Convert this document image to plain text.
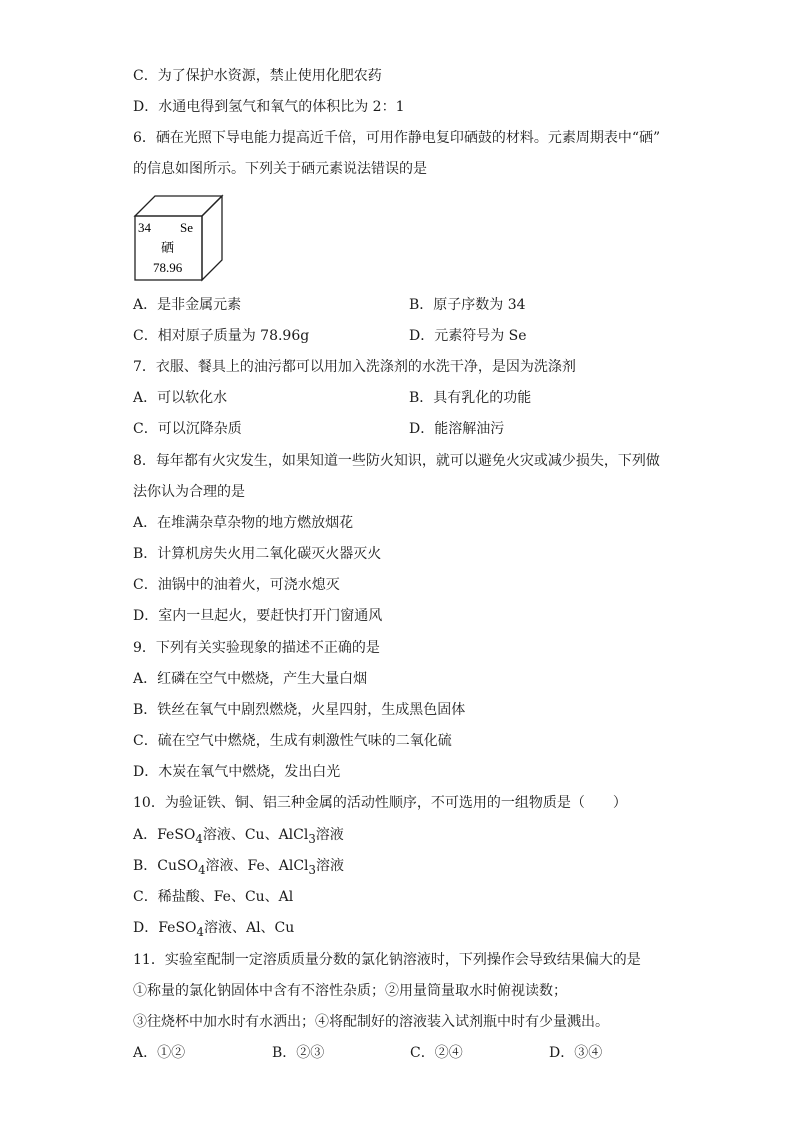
C．为了保护水资源，禁止使用化肥农药
D．水通电得到氢气和氧气的体积比为 2：1
6．硒在光照下导电能力提高近千倍，可用作静电复印硒鼓的材料。元素周期表中“硒”
的信息如图所示。下列关于硒元素说法错误的是
34 Se
硒
78.96
A．是非金属元素	B．原子序数为 34
C．相对原子质量为 78.96g	D．元素符号为 Se
7．衣服、餐具上的油污都可以用加入洗涤剂的水洗干净，是因为洗涤剂
A．可以软化水	B．具有乳化的功能
C．可以沉降杂质	D．能溶解油污
8．每年都有火灾发生，如果知道一些防火知识，就可以避免火灾或减少损失，下列做
法你认为合理的是
A．在堆满杂草杂物的地方燃放烟花
B．计算机房失火用二氧化碳灭火器灭火
C．油锅中的油着火，可浇水熄灭
D．室内一旦起火，要赶快打开门窗通风
9．下列有关实验现象的描述不正确的是
A．红磷在空气中燃烧，产生大量白烟
B．铁丝在氧气中剧烈燃烧，火星四射，生成黑色固体
C．硫在空气中燃烧，生成有刺激性气味的二氧化硫
D．木炭在氧气中燃烧，发出白光
10．为验证铁、铜、铝三种金属的活动性顺序，不可选用的一组物质是（ ）
A．FeSO$_4$溶液、Cu、AlCl$_3$溶液
B．CuSO$_4$溶液、Fe、AlCl$_3$溶液
C．稀盐酸、Fe、Cu、Al
D．FeSO$_4$溶液、Al、Cu
11．实验室配制一定溶质质量分数的氯化钠溶液时，下列操作会导致结果偏大的是
①称量的氯化钠固体中含有不溶性杂质；②用量筒量取水时俯视读数；
③往烧杯中加水时有水洒出；④将配制好的溶液装入试剂瓶中时有少量溅出。
A．①②	B．②③	C．②④	D．③④
